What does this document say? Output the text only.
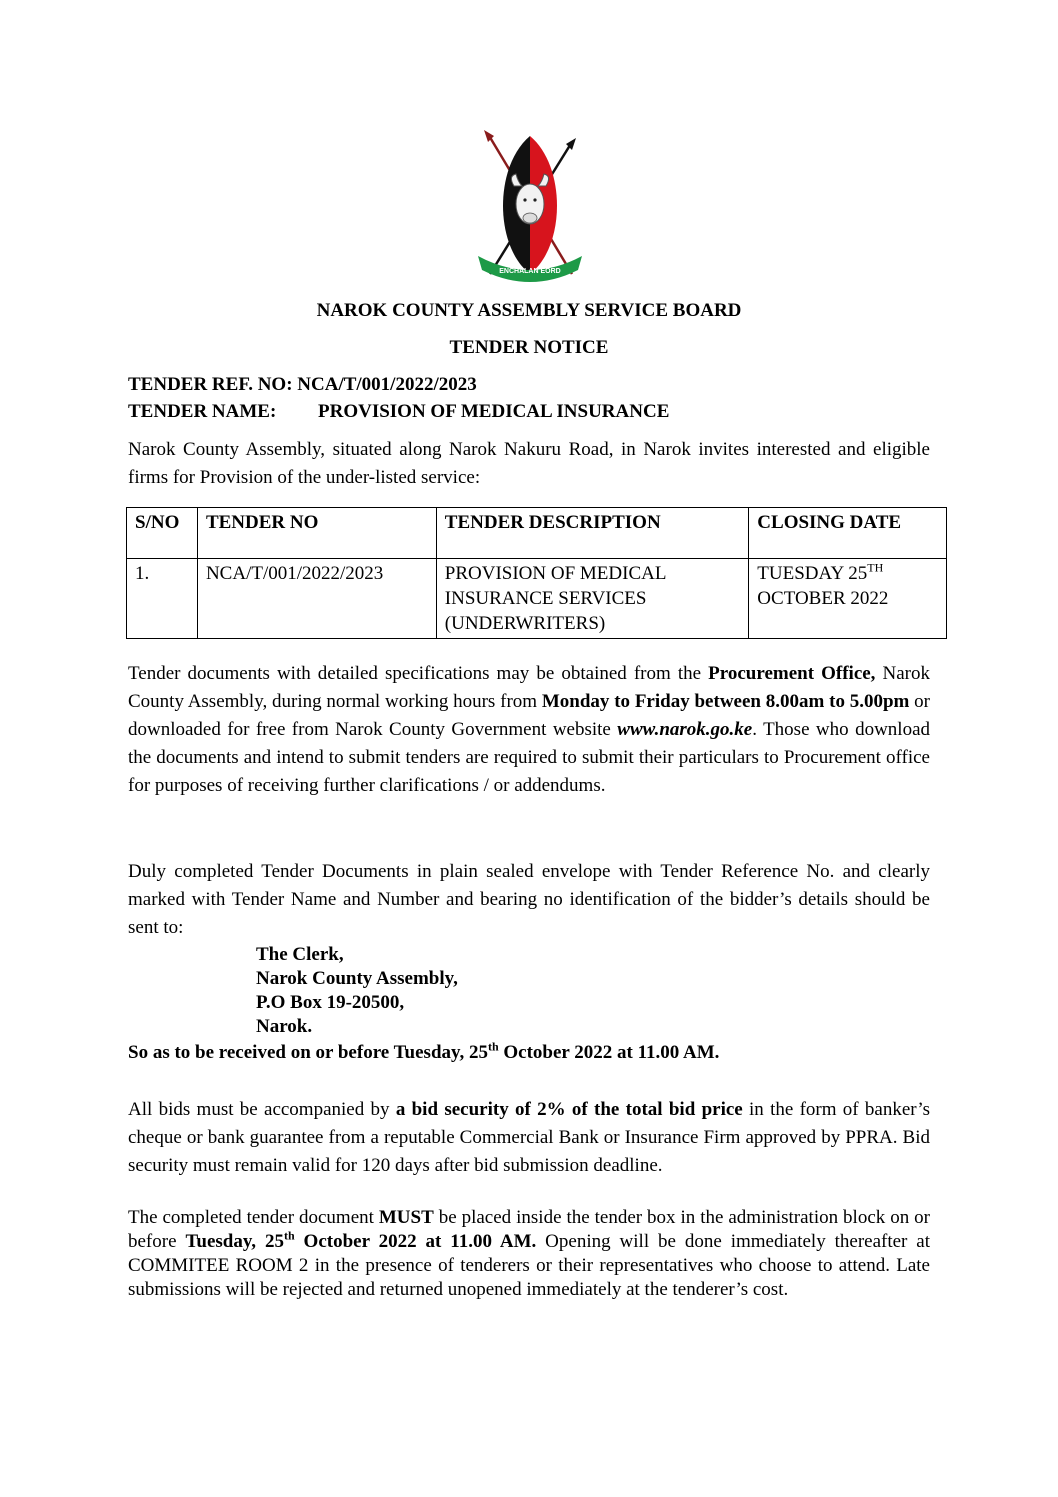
ENCHALAN EORD
NAROK COUNTY ASSEMBLY SERVICE BOARD
TENDER NOTICE
TENDER REF. NO: NCA/T/001/2022/2023
TENDER NAME: PROVISION OF MEDICAL INSURANCE
Narok County Assembly, situated along Narok Nakuru Road, in Narok invites interested and eligible firms for Provision of the under-listed service:
S/NO	TENDER NO	TENDER DESCRIPTION	CLOSING DATE
1.	NCA/T/001/2022/2023	PROVISION OF MEDICAL INSURANCE SERVICES (UNDERWRITERS)	TUESDAY 25TH
OCTOBER 2022
Tender documents with detailed specifications may be obtained from the Procurement Office, Narok County Assembly, during normal working hours from Monday to Friday between 8.00am to 5.00pm or downloaded for free from Narok County Government website www.narok.go.ke. Those who download the documents and intend to submit tenders are required to submit their particulars to Procurement office for purposes of receiving further clarifications / or addendums.
Duly completed Tender Documents in plain sealed envelope with Tender Reference No. and clearly marked with Tender Name and Number and bearing no identification of the bidder’s details should be sent to:
The Clerk,
Narok County Assembly,
P.O Box 19-20500,
Narok.
So as to be received on or before Tuesday, 25th October 2022 at 11.00 AM.
All bids must be accompanied by a bid security of 2% of the total bid price in the form of banker’s cheque or bank guarantee from a reputable Commercial Bank or Insurance Firm approved by PPRA. Bid security must remain valid for 120 days after bid submission deadline.
The completed tender document MUST be placed inside the tender box in the administration block on or before Tuesday, 25th October 2022 at 11.00 AM. Opening will be done immediately thereafter at COMMITEE ROOM 2 in the presence of tenderers or their representatives who choose to attend. Late submissions will be rejected and returned unopened immediately at the tenderer’s cost.
